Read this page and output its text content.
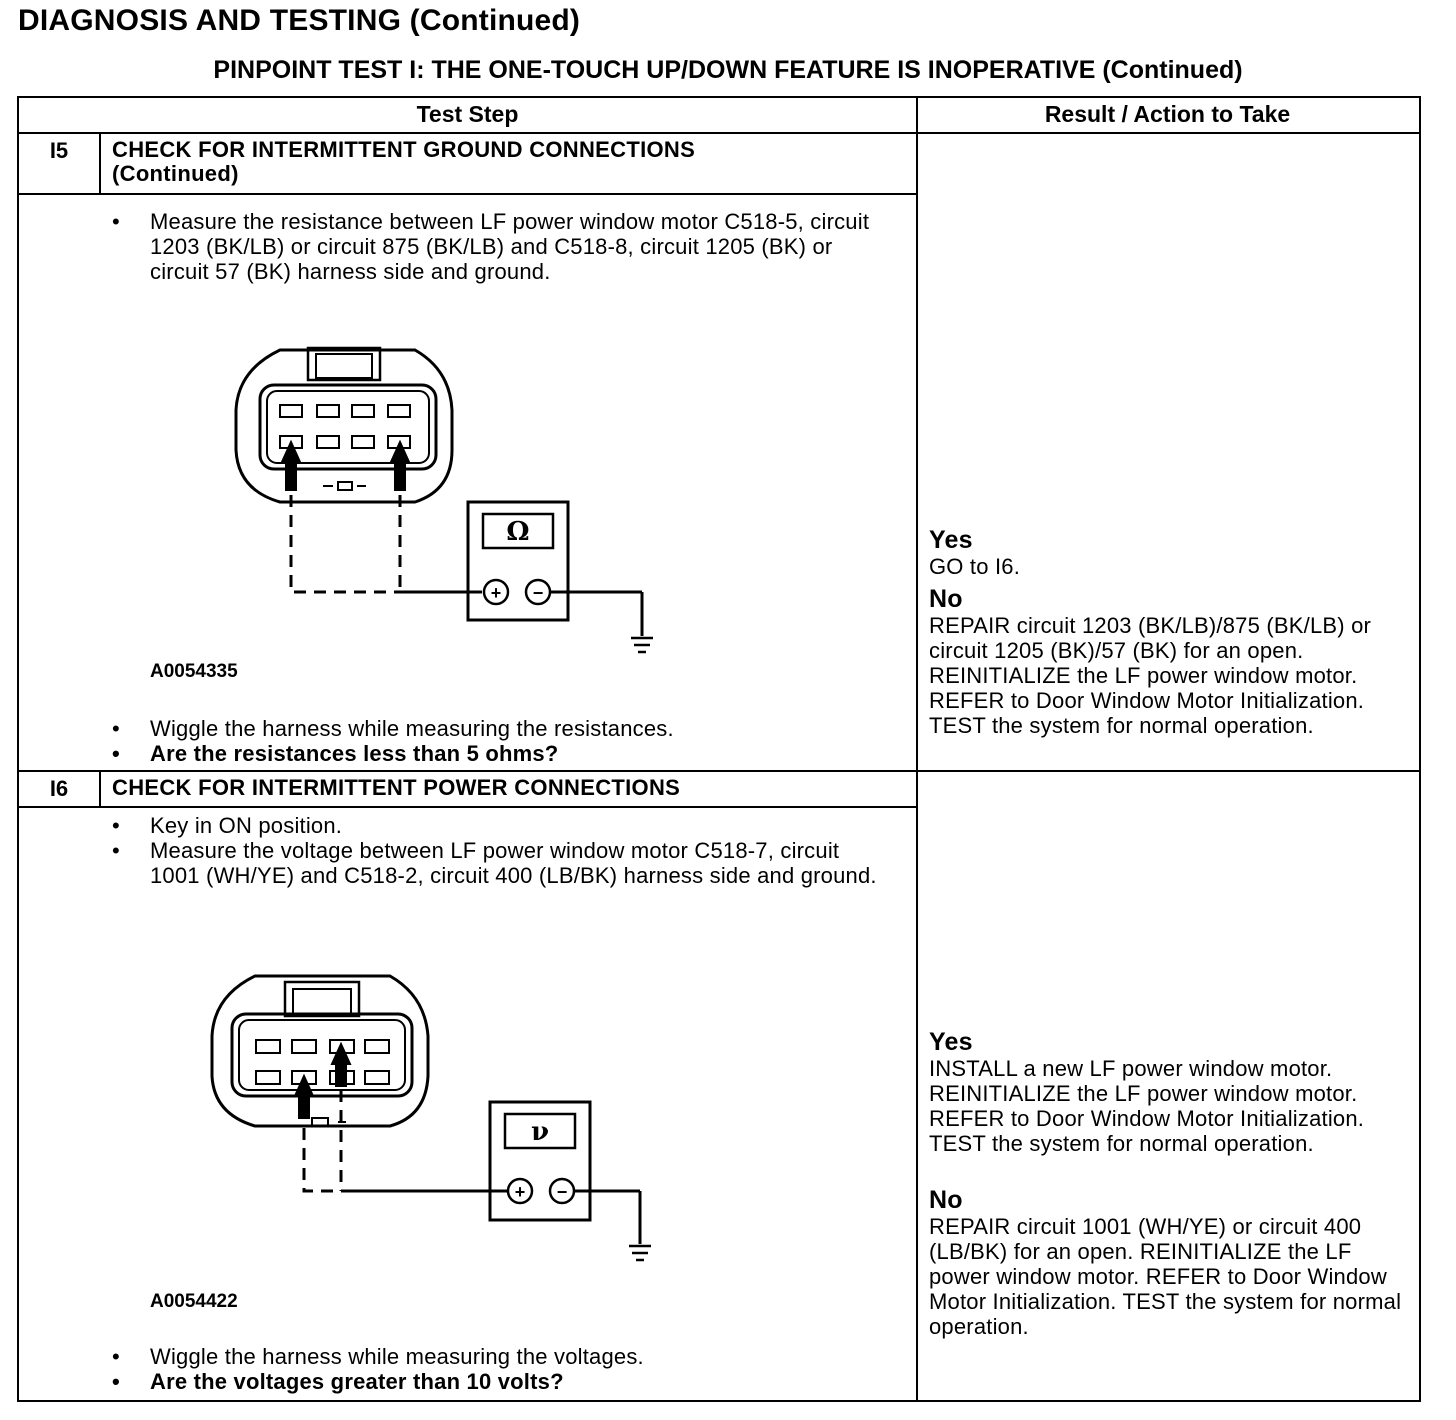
DIAGNOSIS AND TESTING (Continued)
PINPOINT TEST I: THE ONE-TOUCH UP/DOWN FEATURE IS INOPERATIVE (Continued)
Test Step	Result / Action to Take
I5	CHECK FOR INTERMITTENT GROUND CONNECTIONS
(Continued)
• Measure the resistance between LF power window motor C518-5, circuit 1203 (BK/LB) or circuit 875 (BK/LB) and C518-8, circuit 1205 (BK) or circuit 57 (BK) harness side and ground.
Ω
+ −
A0054335
• Wiggle the harness while measuring the resistances.
• Are the resistances less than 5 ohms?
Yes
GO to I6.
No
REPAIR circuit 1203 (BK/LB)/875 (BK/LB) or circuit 1205 (BK)/57 (BK) for an open. REINITIALIZE the LF power window motor. REFER to Door Window Motor Initialization. TEST the system for normal operation.
I6	CHECK FOR INTERMITTENT POWER CONNECTIONS
• Key in ON position.
• Measure the voltage between LF power window motor C518-7, circuit 1001 (WH/YE) and C518-2, circuit 400 (LB/BK) harness side and ground.
ν
+ −
A0054422
• Wiggle the harness while measuring the voltages.
• Are the voltages greater than 10 volts?
Yes
INSTALL a new LF power window motor. REINITIALIZE the LF power window motor. REFER to Door Window Motor Initialization. TEST the system for normal operation.
No
REPAIR circuit 1001 (WH/YE) or circuit 400 (LB/BK) for an open. REINITIALIZE the LF power window motor. REFER to Door Window Motor Initialization. TEST the system for normal operation.
